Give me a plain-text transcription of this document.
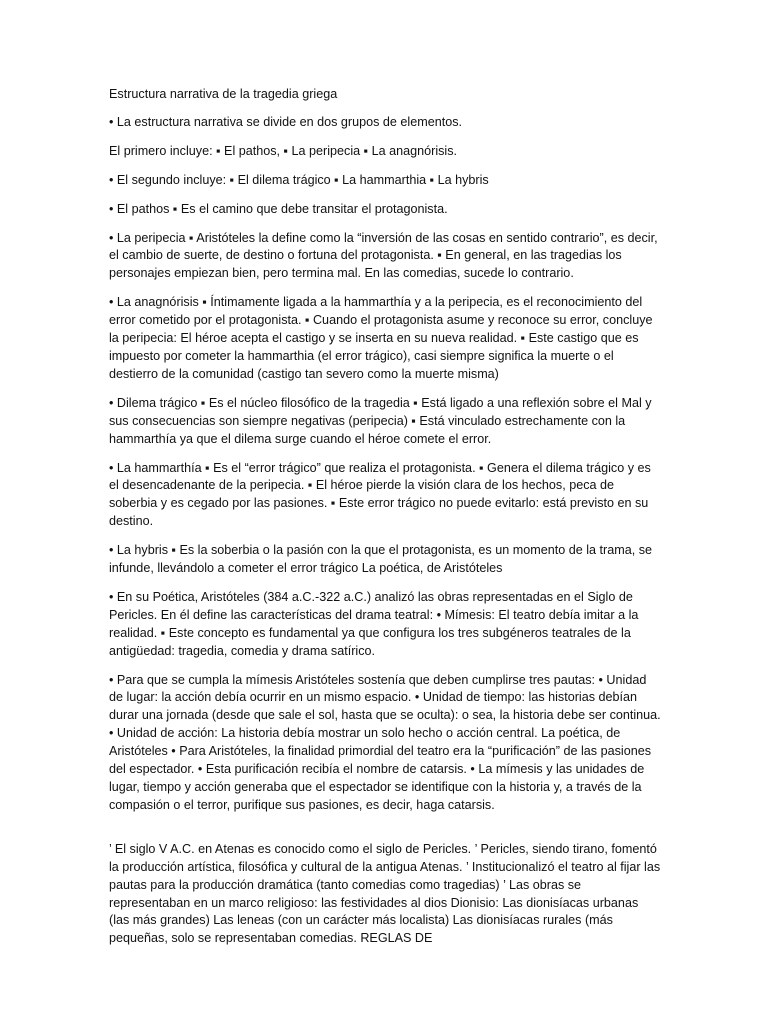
Estructura narrativa de la tragedia griega

• La estructura narrativa se divide en dos grupos de elementos.

El primero incluye: ▪ El pathos, ▪ La peripecia ▪ La anagnórisis.

• El segundo incluye: ▪ El dilema trágico ▪ La hammarthia ▪ La hybris

• El pathos ▪ Es el camino que debe transitar el protagonista.

• La peripecia ▪ Aristóteles la define como la “inversión de las cosas en sentido contrario”, es decir, el cambio de suerte, de destino o fortuna del protagonista. ▪ En general, en las tragedias los personajes empiezan bien, pero termina mal. En las comedias, sucede lo contrario.

• La anagnórisis ▪ Íntimamente ligada a la hammarthía y a la peripecia, es el reconocimiento del error cometido por el protagonista. ▪ Cuando el protagonista asume y reconoce su error, concluye la peripecia: El héroe acepta el castigo y se inserta en su nueva realidad. ▪ Este castigo que es impuesto por cometer la hammarthia (el error trágico), casi siempre significa la muerte o el destierro de la comunidad (castigo tan severo como la muerte misma)

• Dilema trágico ▪ Es el núcleo filosófico de la tragedia ▪ Está ligado a una reflexión sobre el Mal y sus consecuencias son siempre negativas (peripecia) ▪ Está vinculado estrechamente con la hammarthía ya que el dilema surge cuando el héroe comete el error.

• La hammarthía ▪ Es el “error trágico” que realiza el protagonista. ▪ Genera el dilema trágico y es el desencadenante de la peripecia. ▪ El héroe pierde la visión clara de los hechos, peca de soberbia y es cegado por las pasiones. ▪ Este error trágico no puede evitarlo: está previsto en su destino.

• La hybris ▪ Es la soberbia o la pasión con la que el protagonista, es un momento de la trama, se infunde, llevándolo a cometer el error trágico La poética, de Aristóteles

• En su Poética, Aristóteles (384 a.C.-322 a.C.) analizó las obras representadas en el Siglo de Pericles. En él define las características del drama teatral: • Mímesis: El teatro debía imitar a la realidad. ▪ Este concepto es fundamental ya que configura los tres subgéneros teatrales de la antigüedad: tragedia, comedia y drama satírico.

• Para que se cumpla la mímesis Aristóteles sostenía que deben cumplirse tres pautas: • Unidad de lugar: la acción debía ocurrir en un mismo espacio. • Unidad de tiempo: las historias debían durar una jornada (desde que sale el sol, hasta que se oculta): o sea, la historia debe ser continua. • Unidad de acción: La historia debía mostrar un solo hecho o acción central. La poética, de Aristóteles • Para Aristóteles, la finalidad primordial del teatro era la “purificación” de las pasiones del espectador. • Esta purificación recibía el nombre de catarsis. • La mímesis y las unidades de lugar, tiempo y acción generaba que el espectador se identifique con la historia y, a través de la compasión o el terror, purifique sus pasiones, es decir, haga catarsis.

’ El siglo V A.C. en Atenas es conocido como el siglo de Pericles. ’ Pericles, siendo tirano, fomentó la producción artística, filosófica y cultural de la antigua Atenas. ’ Institucionalizó el teatro al fijar las pautas para la producción dramática (tanto comedias como tragedias) ’ Las obras se representaban en un marco religioso: las festividades al dios Dionisio: Las dionisíacas urbanas (las más grandes) Las leneas (con un carácter más localista) Las dionisíacas rurales (más pequeñas, solo se representaban comedias. REGLAS DE
